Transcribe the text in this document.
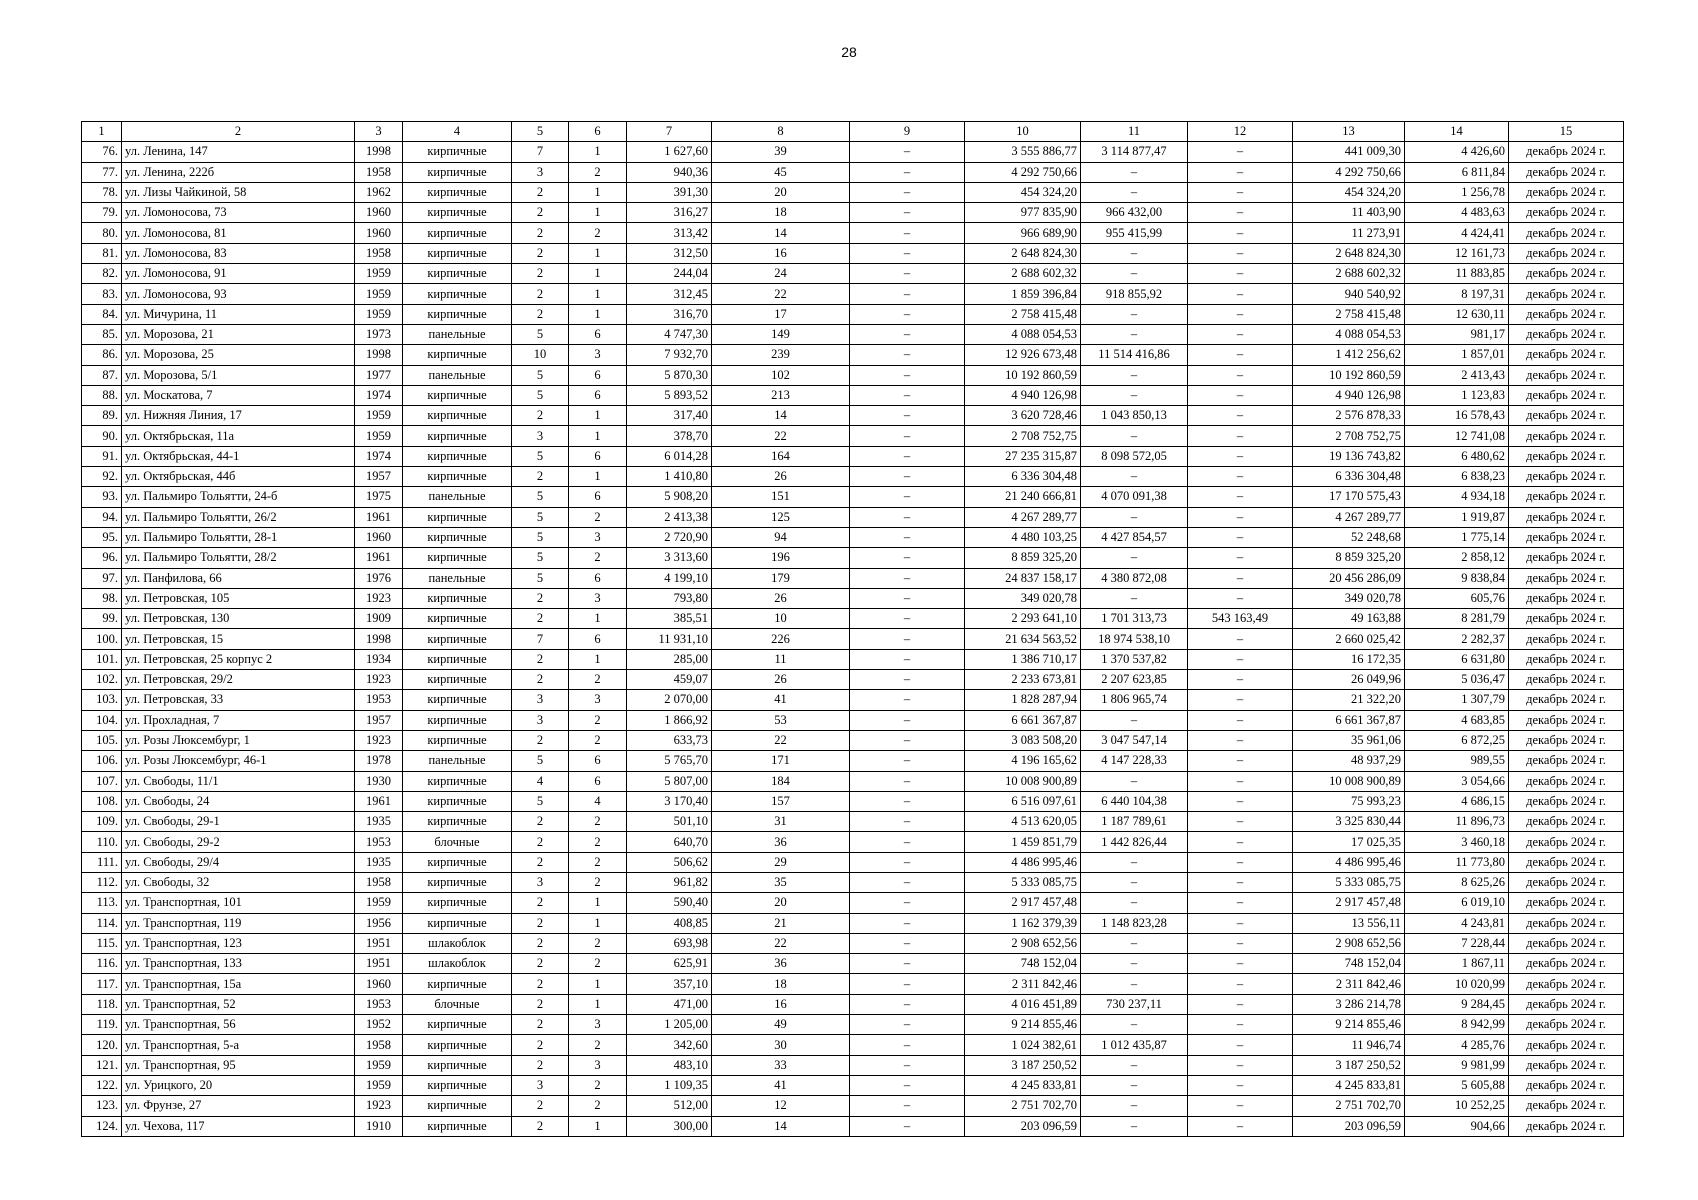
28
1	2	3	4	5	6	7	8	9	10	11	12	13	14	15
76.	ул. Ленина, 147	1998	кирпичные	7	1	1 627,60	39	–	3 555 886,77	3 114 877,47	–	441 009,30	4 426,60	декабрь 2024 г.
77.	ул. Ленина, 222б	1958	кирпичные	3	2	940,36	45	–	4 292 750,66	–	–	4 292 750,66	6 811,84	декабрь 2024 г.
78.	ул. Лизы Чайкиной, 58	1962	кирпичные	2	1	391,30	20	–	454 324,20	–	–	454 324,20	1 256,78	декабрь 2024 г.
79.	ул. Ломоносова, 73	1960	кирпичные	2	1	316,27	18	–	977 835,90	966 432,00	–	11 403,90	4 483,63	декабрь 2024 г.
80.	ул. Ломоносова, 81	1960	кирпичные	2	2	313,42	14	–	966 689,90	955 415,99	–	11 273,91	4 424,41	декабрь 2024 г.
81.	ул. Ломоносова, 83	1958	кирпичные	2	1	312,50	16	–	2 648 824,30	–	–	2 648 824,30	12 161,73	декабрь 2024 г.
82.	ул. Ломоносова, 91	1959	кирпичные	2	1	244,04	24	–	2 688 602,32	–	–	2 688 602,32	11 883,85	декабрь 2024 г.
83.	ул. Ломоносова, 93	1959	кирпичные	2	1	312,45	22	–	1 859 396,84	918 855,92	–	940 540,92	8 197,31	декабрь 2024 г.
84.	ул. Мичурина, 11	1959	кирпичные	2	1	316,70	17	–	2 758 415,48	–	–	2 758 415,48	12 630,11	декабрь 2024 г.
85.	ул. Морозова, 21	1973	панельные	5	6	4 747,30	149	–	4 088 054,53	–	–	4 088 054,53	981,17	декабрь 2024 г.
86.	ул. Морозова, 25	1998	кирпичные	10	3	7 932,70	239	–	12 926 673,48	11 514 416,86	–	1 412 256,62	1 857,01	декабрь 2024 г.
87.	ул. Морозова, 5/1	1977	панельные	5	6	5 870,30	102	–	10 192 860,59	–	–	10 192 860,59	2 413,43	декабрь 2024 г.
88.	ул. Москатова, 7	1974	кирпичные	5	6	5 893,52	213	–	4 940 126,98	–	–	4 940 126,98	1 123,83	декабрь 2024 г.
89.	ул. Нижняя Линия, 17	1959	кирпичные	2	1	317,40	14	–	3 620 728,46	1 043 850,13	–	2 576 878,33	16 578,43	декабрь 2024 г.
90.	ул. Октябрьская, 11а	1959	кирпичные	3	1	378,70	22	–	2 708 752,75	–	–	2 708 752,75	12 741,08	декабрь 2024 г.
91.	ул. Октябрьская, 44-1	1974	кирпичные	5	6	6 014,28	164	–	27 235 315,87	8 098 572,05	–	19 136 743,82	6 480,62	декабрь 2024 г.
92.	ул. Октябрьская, 44б	1957	кирпичные	2	1	1 410,80	26	–	6 336 304,48	–	–	6 336 304,48	6 838,23	декабрь 2024 г.
93.	ул. Пальмиро Тольятти, 24-б	1975	панельные	5	6	5 908,20	151	–	21 240 666,81	4 070 091,38	–	17 170 575,43	4 934,18	декабрь 2024 г.
94.	ул. Пальмиро Тольятти, 26/2	1961	кирпичные	5	2	2 413,38	125	–	4 267 289,77	–	–	4 267 289,77	1 919,87	декабрь 2024 г.
95.	ул. Пальмиро Тольятти, 28-1	1960	кирпичные	5	3	2 720,90	94	–	4 480 103,25	4 427 854,57	–	52 248,68	1 775,14	декабрь 2024 г.
96.	ул. Пальмиро Тольятти, 28/2	1961	кирпичные	5	2	3 313,60	196	–	8 859 325,20	–	–	8 859 325,20	2 858,12	декабрь 2024 г.
97.	ул. Панфилова, 66	1976	панельные	5	6	4 199,10	179	–	24 837 158,17	4 380 872,08	–	20 456 286,09	9 838,84	декабрь 2024 г.
98.	ул. Петровская, 105	1923	кирпичные	2	3	793,80	26	–	349 020,78	–	–	349 020,78	605,76	декабрь 2024 г.
99.	ул. Петровская, 130	1909	кирпичные	2	1	385,51	10	–	2 293 641,10	1 701 313,73	543 163,49	49 163,88	8 281,79	декабрь 2024 г.
100.	ул. Петровская, 15	1998	кирпичные	7	6	11 931,10	226	–	21 634 563,52	18 974 538,10	–	2 660 025,42	2 282,37	декабрь 2024 г.
101.	ул. Петровская, 25 корпус 2	1934	кирпичные	2	1	285,00	11	–	1 386 710,17	1 370 537,82	–	16 172,35	6 631,80	декабрь 2024 г.
102.	ул. Петровская, 29/2	1923	кирпичные	2	2	459,07	26	–	2 233 673,81	2 207 623,85	–	26 049,96	5 036,47	декабрь 2024 г.
103.	ул. Петровская, 33	1953	кирпичные	3	3	2 070,00	41	–	1 828 287,94	1 806 965,74	–	21 322,20	1 307,79	декабрь 2024 г.
104.	ул. Прохладная, 7	1957	кирпичные	3	2	1 866,92	53	–	6 661 367,87	–	–	6 661 367,87	4 683,85	декабрь 2024 г.
105.	ул. Розы Люксембург, 1	1923	кирпичные	2	2	633,73	22	–	3 083 508,20	3 047 547,14	–	35 961,06	6 872,25	декабрь 2024 г.
106.	ул. Розы Люксембург, 46-1	1978	панельные	5	6	5 765,70	171	–	4 196 165,62	4 147 228,33	–	48 937,29	989,55	декабрь 2024 г.
107.	ул. Свободы, 11/1	1930	кирпичные	4	6	5 807,00	184	–	10 008 900,89	–	–	10 008 900,89	3 054,66	декабрь 2024 г.
108.	ул. Свободы, 24	1961	кирпичные	5	4	3 170,40	157	–	6 516 097,61	6 440 104,38	–	75 993,23	4 686,15	декабрь 2024 г.
109.	ул. Свободы, 29-1	1935	кирпичные	2	2	501,10	31	–	4 513 620,05	1 187 789,61	–	3 325 830,44	11 896,73	декабрь 2024 г.
110.	ул. Свободы, 29-2	1953	блочные	2	2	640,70	36	–	1 459 851,79	1 442 826,44	–	17 025,35	3 460,18	декабрь 2024 г.
111.	ул. Свободы, 29/4	1935	кирпичные	2	2	506,62	29	–	4 486 995,46	–	–	4 486 995,46	11 773,80	декабрь 2024 г.
112.	ул. Свободы, 32	1958	кирпичные	3	2	961,82	35	–	5 333 085,75	–	–	5 333 085,75	8 625,26	декабрь 2024 г.
113.	ул. Транспортная, 101	1959	кирпичные	2	1	590,40	20	–	2 917 457,48	–	–	2 917 457,48	6 019,10	декабрь 2024 г.
114.	ул. Транспортная, 119	1956	кирпичные	2	1	408,85	21	–	1 162 379,39	1 148 823,28	–	13 556,11	4 243,81	декабрь 2024 г.
115.	ул. Транспортная, 123	1951	шлакоблок	2	2	693,98	22	–	2 908 652,56	–	–	2 908 652,56	7 228,44	декабрь 2024 г.
116.	ул. Транспортная, 133	1951	шлакоблок	2	2	625,91	36	–	748 152,04	–	–	748 152,04	1 867,11	декабрь 2024 г.
117.	ул. Транспортная, 15а	1960	кирпичные	2	1	357,10	18	–	2 311 842,46	–	–	2 311 842,46	10 020,99	декабрь 2024 г.
118.	ул. Транспортная, 52	1953	блочные	2	1	471,00	16	–	4 016 451,89	730 237,11	–	3 286 214,78	9 284,45	декабрь 2024 г.
119.	ул. Транспортная, 56	1952	кирпичные	2	3	1 205,00	49	–	9 214 855,46	–	–	9 214 855,46	8 942,99	декабрь 2024 г.
120.	ул. Транспортная, 5-а	1958	кирпичные	2	2	342,60	30	–	1 024 382,61	1 012 435,87	–	11 946,74	4 285,76	декабрь 2024 г.
121.	ул. Транспортная, 95	1959	кирпичные	2	3	483,10	33	–	3 187 250,52	–	–	3 187 250,52	9 981,99	декабрь 2024 г.
122.	ул. Урицкого, 20	1959	кирпичные	3	2	1 109,35	41	–	4 245 833,81	–	–	4 245 833,81	5 605,88	декабрь 2024 г.
123.	ул. Фрунзе, 27	1923	кирпичные	2	2	512,00	12	–	2 751 702,70	–	–	2 751 702,70	10 252,25	декабрь 2024 г.
124.	ул. Чехова, 117	1910	кирпичные	2	1	300,00	14	–	203 096,59	–	–	203 096,59	904,66	декабрь 2024 г.
